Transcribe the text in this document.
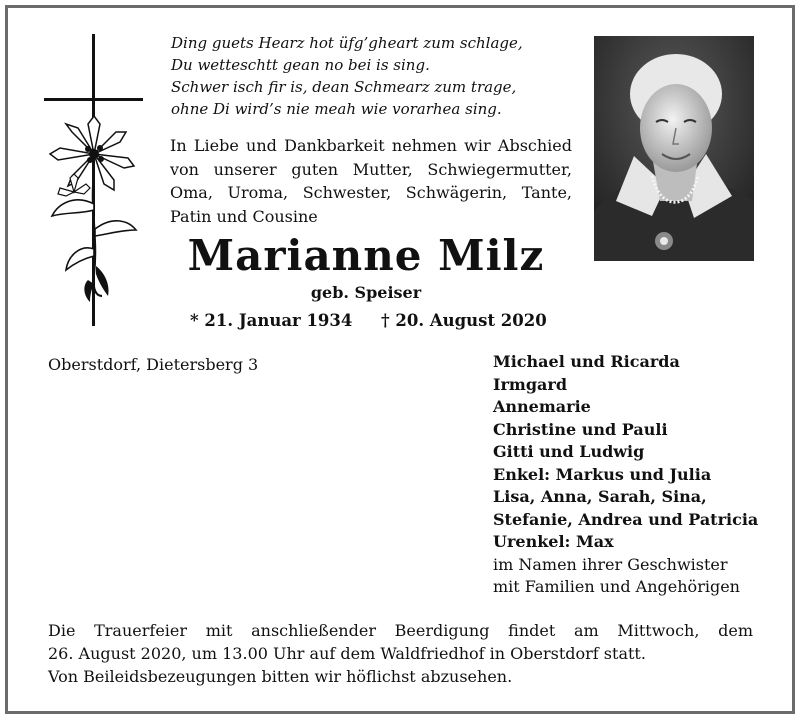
Ding guets Hearz hot üfg’gheart zum schlage,
Du wetteschtt gean no bei is sing.
Schwer isch fir is, dean Schmearz zum trage,
ohne Di wird’s nie meah wie vorarhea sing.
In Liebe und Dankbarkeit nehmen wir Abschied
von unserer guten Mutter, Schwiegermutter,
Oma, Uroma, Schwester, Schwägerin, Tante,
Patin und Cousine
Marianne Milz
geb. Speiser
* 21. Januar 1934 † 20. August 2020
Oberstdorf, Dietersberg 3	Michael und Ricarda
Irmgard
Annemarie
Christine und Pauli
Gitti und Ludwig
Enkel: Markus und Julia
Lisa, Anna, Sarah, Sina,
Stefanie, Andrea und Patricia
Urenkel: Max
im Namen ihrer Geschwister
mit Familien und Angehörigen
Die Trauerfeier mit anschließender Beerdigung findet am Mittwoch, dem
26. August 2020, um 13.00 Uhr auf dem Waldfriedhof in Oberstdorf statt.
Von Beileidsbezeugungen bitten wir höflichst abzusehen.
